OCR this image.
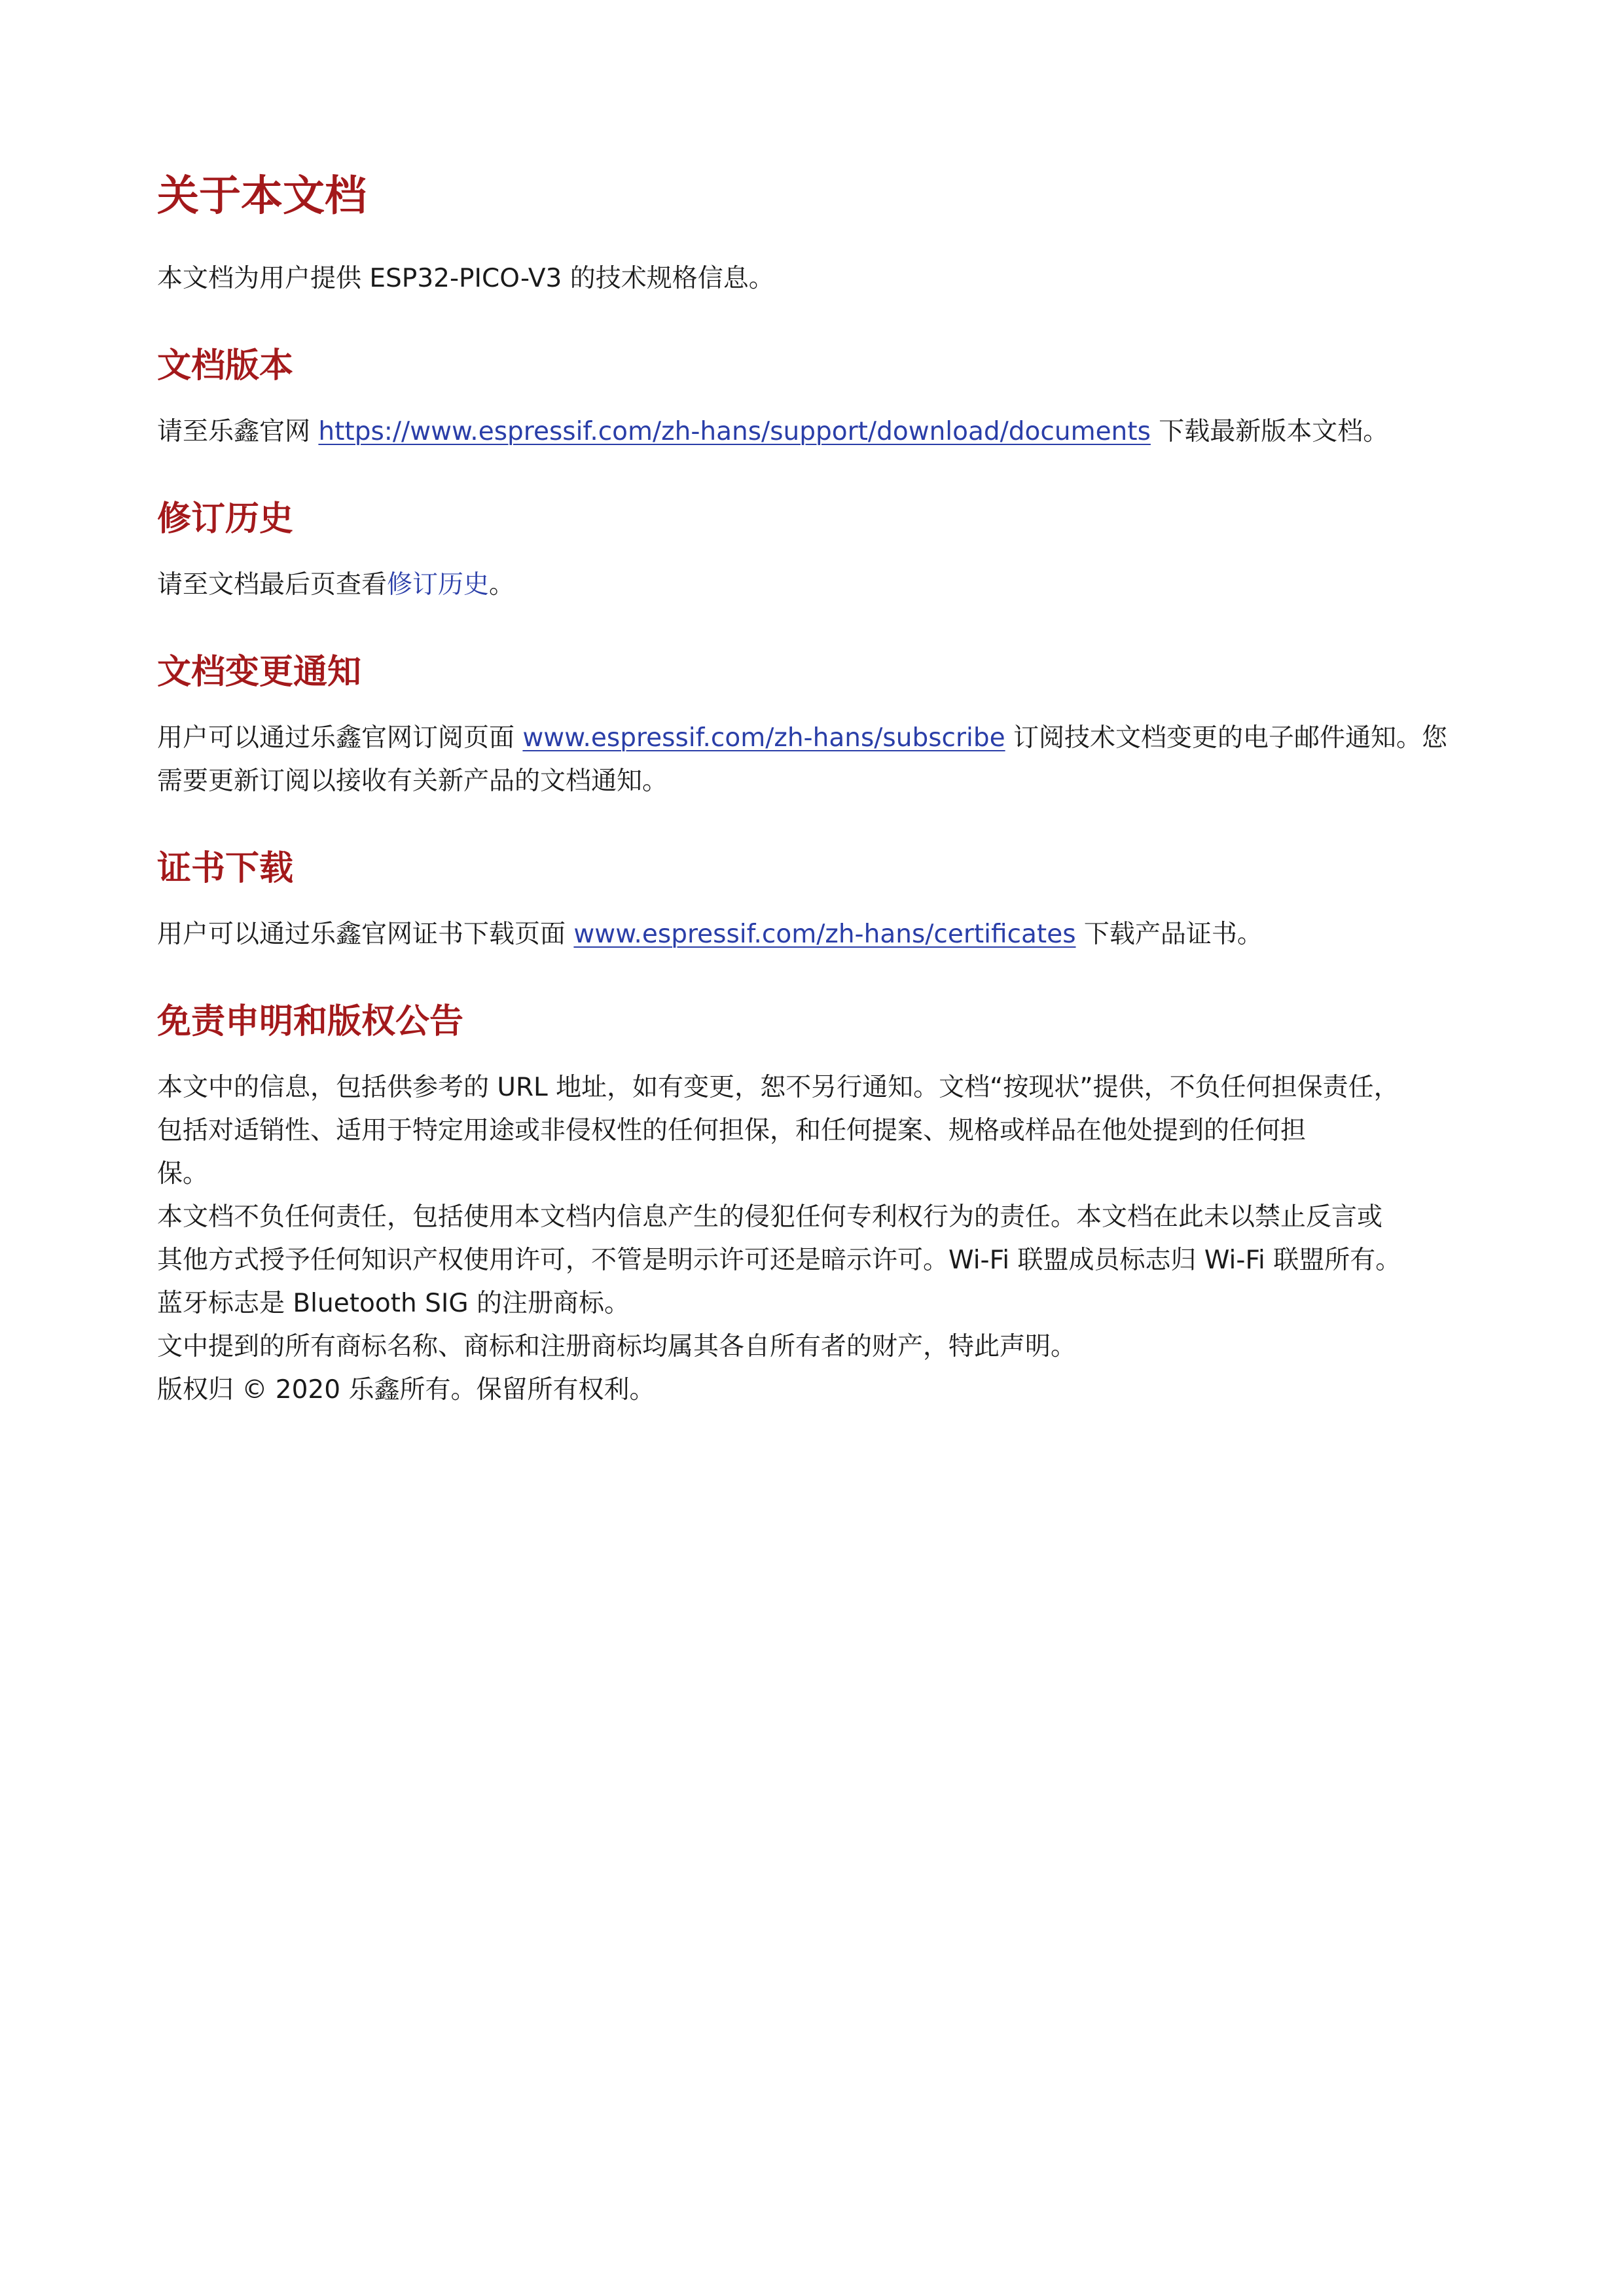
关于本文档

本文档为用户提供 ESP32-PICO-V3 的技术规格信息。

文档版本

请至乐鑫官网 https://www.espressif.com/zh-hans/support/download/documents 下载最新版本文档。

修订历史

请至文档最后页查看修订历史。

文档变更通知

用户可以通过乐鑫官网订阅页面 www.espressif.com/zh-hans/subscribe 订阅技术文档变更的电子邮件通知。您
需要更新订阅以接收有关新产品的文档通知。

证书下载

用户可以通过乐鑫官网证书下载页面 www.espressif.com/zh-hans/certificates 下载产品证书。

免责申明和版权公告

本文中的信息，包括供参考的 URL 地址，如有变更，恕不另行通知。文档“按现状”提供，不负任何担保责任，

包括对适销性、适用于特定用途或非侵权性的任何担保，和任何提案、规格或样品在他处提到的任何担

保。

本文档不负任何责任，包括使用本文档内信息产生的侵犯任何专利权行为的责任。本文档在此未以禁止反言或

其他方式授予任何知识产权使用许可，不管是明示许可还是暗示许可。Wi-Fi 联盟成员标志归 Wi-Fi 联盟所有。

蓝牙标志是 Bluetooth SIG 的注册商标。

文中提到的所有商标名称、商标和注册商标均属其各自所有者的财产，特此声明。

版权归 © 2020 乐鑫所有。保留所有权利。
